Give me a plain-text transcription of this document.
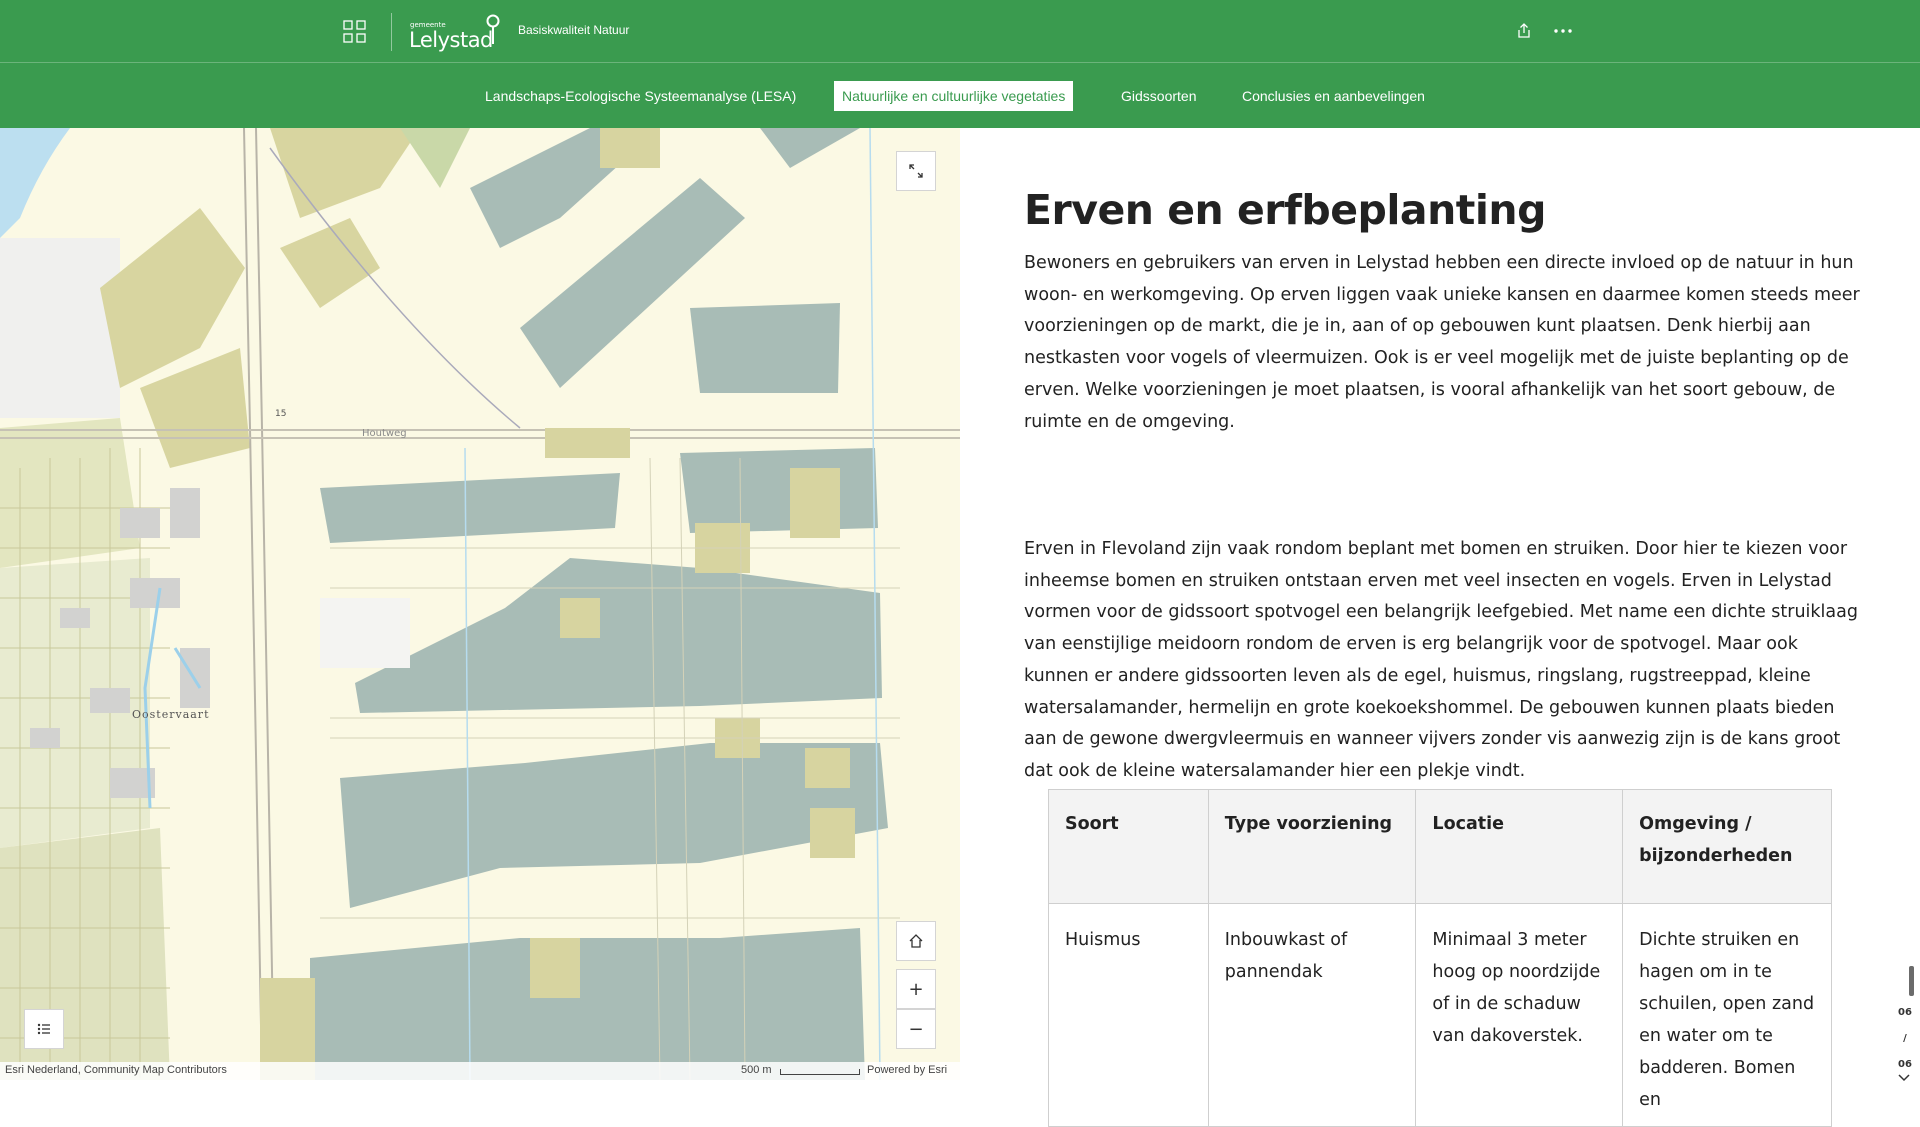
gemeente
Lelystad Basiskwaliteit Natuur
Landschaps-Ecologische Systeemanalyse (LESA)	Natuurlijke en cultuurlijke vegetaties	Gidssoorten	Conclusies en aanbevelingen
Oostervaart
Houtweg
15
+
−
Esri Nederland, Community Map Contributors	500 m	Powered by Esri
Erven en erfbeplanting

Bewoners en gebruikers van erven in Lelystad hebben een directe invloed op de natuur in hun woon- en werkomgeving. Op erven liggen vaak unieke kansen en daarmee komen steeds meer voorzieningen op de markt, die je in, aan of op gebouwen kunt plaatsen. Denk hierbij aan nestkasten voor vogels of vleermuizen. Ook is er veel mogelijk met de juiste beplanting op de erven. Welke voorzieningen je moet plaatsen, is vooral afhankelijk van het soort gebouw, de ruimte en de omgeving.

Erven in Flevoland zijn vaak rondom beplant met bomen en struiken. Door hier te kiezen voor inheemse bomen en struiken ontstaan erven met veel insecten en vogels. Erven in Lelystad vormen voor de gidssoort spotvogel een belangrijk leefgebied. Met name een dichte struiklaag van eenstijlige meidoorn rondom de erven is erg belangrijk voor de spotvogel. Maar ook kunnen er andere gidssoorten leven als de egel, huismus, ringslang, rugstreeppad, kleine watersalamander, hermelijn en grote koekoekshommel. De gebouwen kunnen plaats bieden aan de gewone dwergvleermuis en wanneer vijvers zonder vis aanwezig zijn is de kans groot dat ook de kleine watersalamander hier een plekje vindt.

Soort	Type voorziening	Locatie	Omgeving / bijzonderheden
Huismus	Inbouwkast of pannendak	Minimaal 3 meter hoog op noordzijde of in de schaduw van dakoverstek.	Dichte struiken en hagen om in te schuilen, open zand en water om te badderen. Bomen en
06
/
06
